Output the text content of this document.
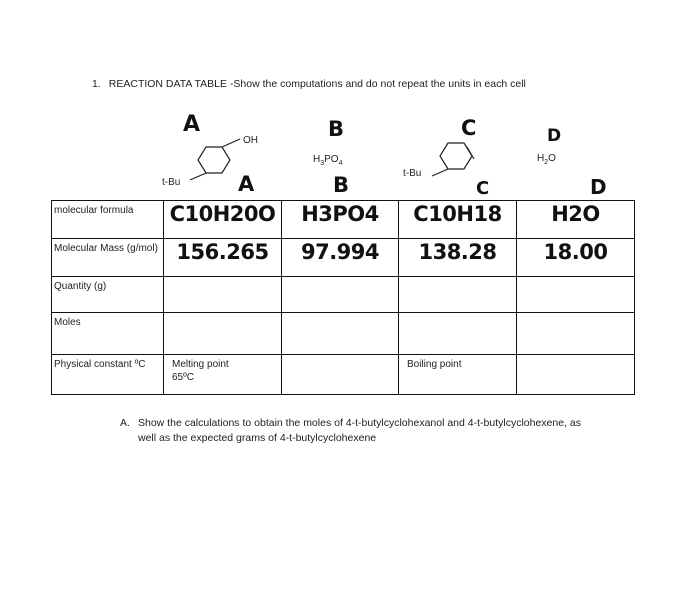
1. REACTION DATA TABLE -Show the computations and do not repeat the units in each cell
A	B	C	D
OH
t-Bu
$H_3PO_4$
t-Bu
$H_2O$
A	B	C	D
molecular formula	C10H20O	H3PO4	C10H18	H2O

Molecular Mass (g/mol)	156.265	97.994	138.28	18.00

Quantity (g)				

Moles				

Physical constant ºC	Melting point 65ºC		Boiling point	

A. Show the calculations to obtain the moles of 4-t-butylcyclohexanol and 4-t-butylcyclohexene, as well as the expected grams of 4-t-butylcyclohexene
